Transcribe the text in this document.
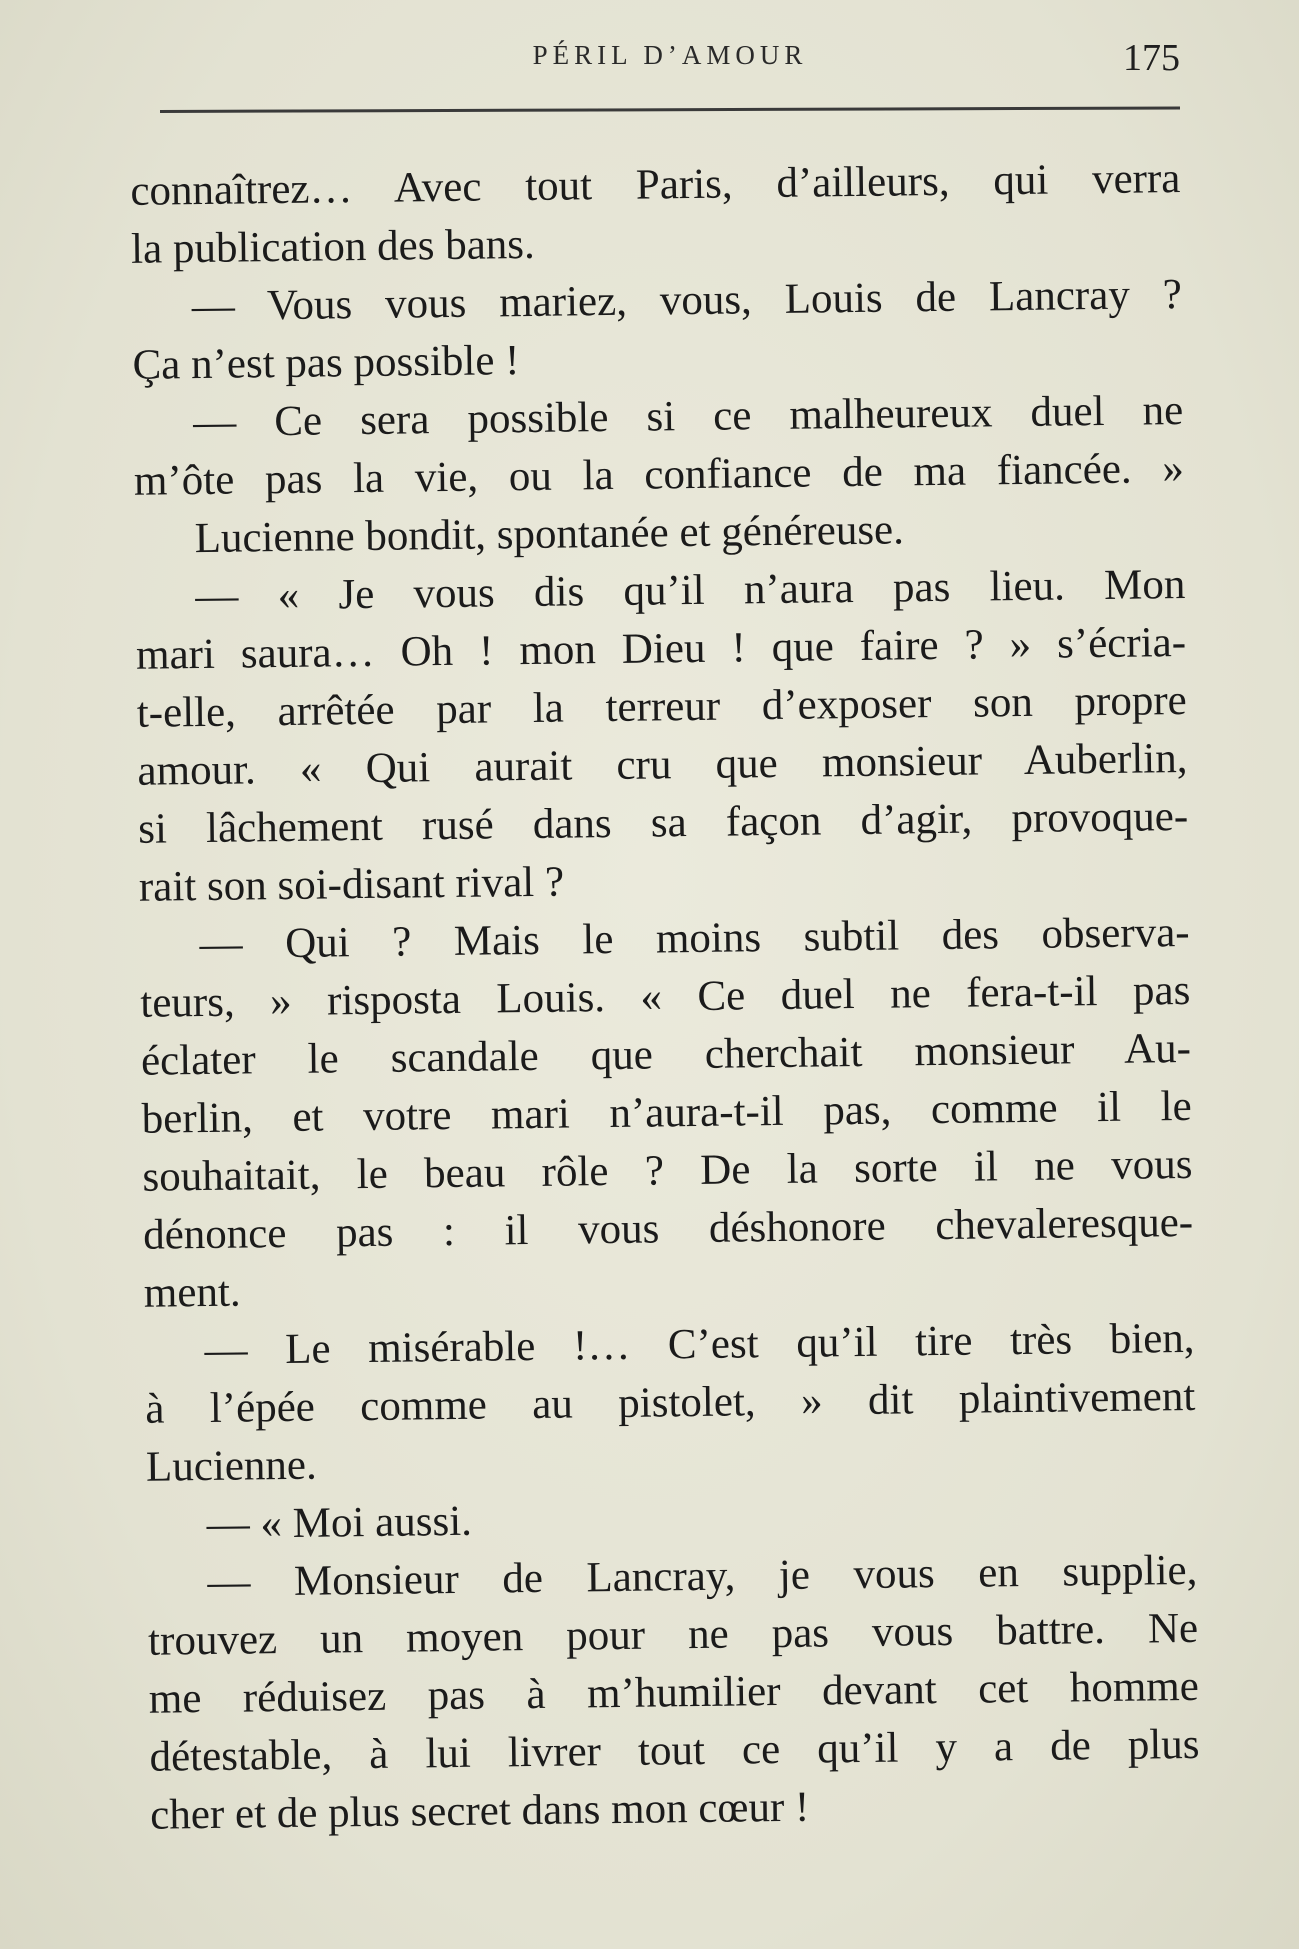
PÉRIL D’AMOUR	175
connaîtrez… Avec tout Paris, d’ailleurs, qui verra
la publication des bans.
— Vous vous mariez, vous, Louis de Lancray ?
Ça n’est pas possible !
— Ce sera possible si ce malheureux duel ne
m’ôte pas la vie, ou la confiance de ma fiancée. »
Lucienne bondit, spontanée et généreuse.
— « Je vous dis qu’il n’aura pas lieu. Mon
mari saura… Oh ! mon Dieu ! que faire ? » s’écria-
t-elle, arrêtée par la terreur d’exposer son propre
amour. « Qui aurait cru que monsieur Auberlin,
si lâchement rusé dans sa façon d’agir, provoque-
rait son soi-disant rival ?
— Qui ? Mais le moins subtil des observa-
teurs, » risposta Louis. « Ce duel ne fera-t-il pas
éclater le scandale que cherchait monsieur Au-
berlin, et votre mari n’aura-t-il pas, comme il le
souhaitait, le beau rôle ? De la sorte il ne vous
dénonce pas : il vous déshonore chevaleresque-
ment.
— Le misérable !… C’est qu’il tire très bien,
à l’épée comme au pistolet, » dit plaintivement
Lucienne.
— « Moi aussi.
— Monsieur de Lancray, je vous en supplie,
trouvez un moyen pour ne pas vous battre. Ne
me réduisez pas à m’humilier devant cet homme
détestable, à lui livrer tout ce qu’il y a de plus
cher et de plus secret dans mon cœur !
